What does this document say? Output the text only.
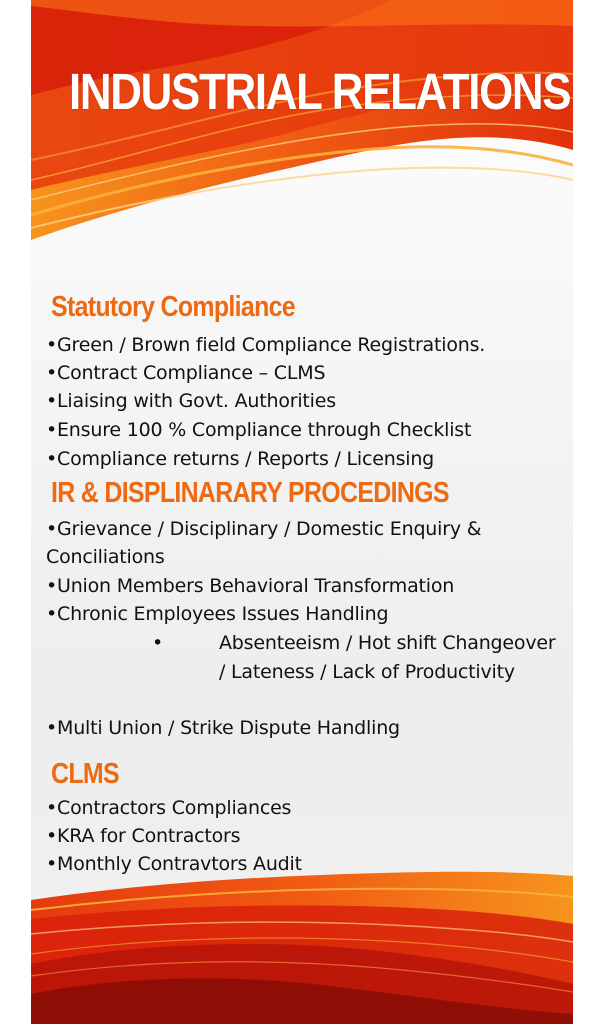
INDUSTRIAL RELATIONS
Statutory Compliance
•Green / Brown field Compliance Registrations.
•Contract Compliance – CLMS
•Liaising with Govt. Authorities
•Ensure 100 % Compliance through Checklist
•Compliance returns / Reports / Licensing
IR & DISPLINARARY PROCEDINGS
•Grievance / Disciplinary / Domestic Enquiry &
Conciliations
•Union Members Behavioral Transformation
•Chronic Employees Issues Handling
•	Absenteeism / Hot shift Changeover / Lateness / Lack of Productivity
•Multi Union / Strike Dispute Handling
CLMS
•Contractors Compliances
•KRA for Contractors
•Monthly Contravtors Audit
